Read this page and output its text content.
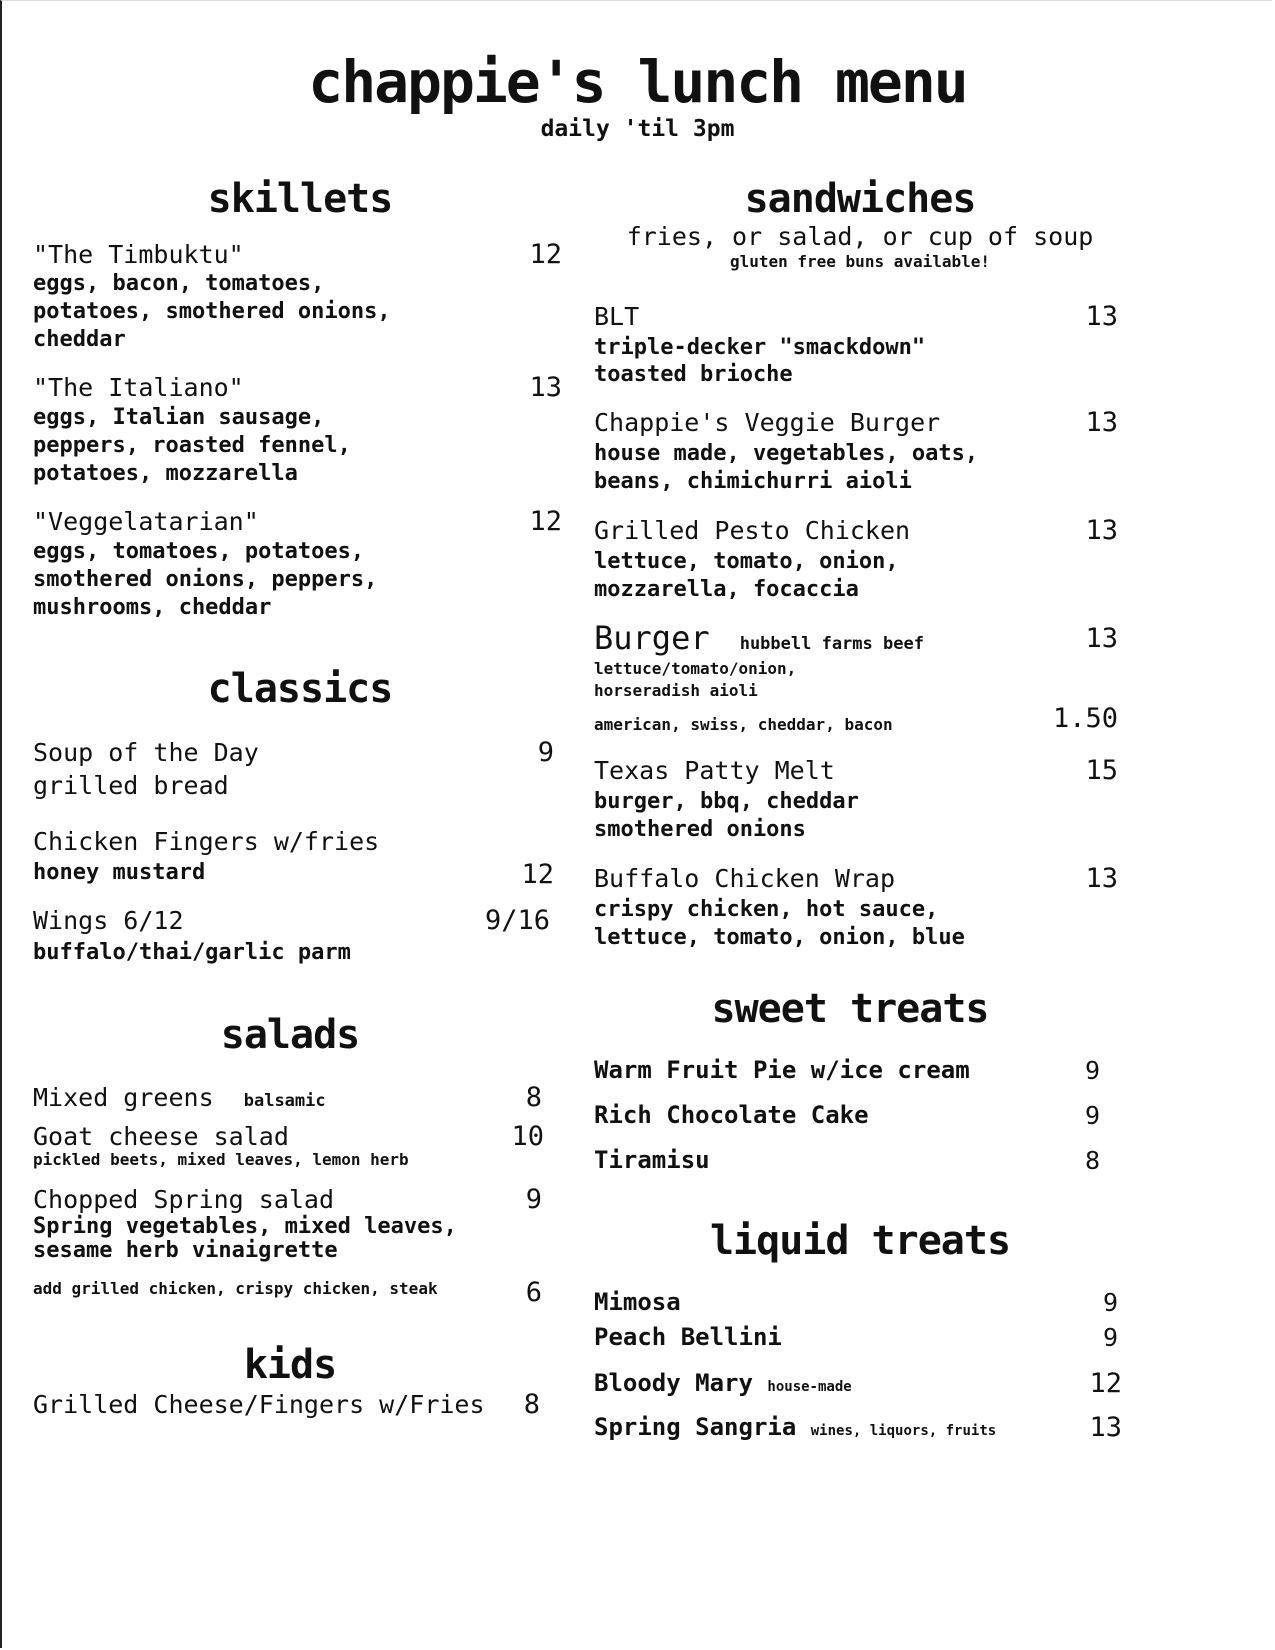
chappie's lunch menu
daily 'til 3pm
skillets
"The Timbuktu"	12
eggs, bacon, tomatoes,
potatoes, smothered onions,
cheddar
"The Italiano"	13
eggs, Italian sausage,
peppers, roasted fennel,
potatoes, mozzarella
"Veggelatarian"	12
eggs, tomatoes, potatoes,
smothered onions, peppers,
mushrooms, cheddar
classics
Soup of the Day	9
grilled bread
Chicken Fingers w/fries
honey mustard	12
Wings 6/12	9/16
buffalo/thai/garlic parm
salads
Mixed greens balsamic	8
Goat cheese salad	10
pickled beets, mixed leaves, lemon herb
Chopped Spring salad	9
Spring vegetables, mixed leaves,
sesame herb vinaigrette
add grilled chicken, crispy chicken, steak	6
kids
Grilled Cheese/Fingers w/Fries	8
sandwiches
fries, or salad, or cup of soup
gluten free buns available!
BLT	13
triple-decker "smackdown"
toasted brioche
Chappie's Veggie Burger	13
house made, vegetables, oats,
beans, chimichurri aioli
Grilled Pesto Chicken	13
lettuce, tomato, onion,
mozzarella, focaccia
Burger hubbell farms beef	13
lettuce/tomato/onion,
horseradish aioli
american, swiss, cheddar, bacon	1.50
Texas Patty Melt	15
burger, bbq, cheddar
smothered onions
Buffalo Chicken Wrap	13
crispy chicken, hot sauce,
lettuce, tomato, onion, blue
sweet treats
Warm Fruit Pie w/ice cream	9
Rich Chocolate Cake	9
Tiramisu	8
liquid treats
Mimosa	9
Peach Bellini	9
Bloody Mary house-made	12
Spring Sangria wines, liquors, fruits	13
